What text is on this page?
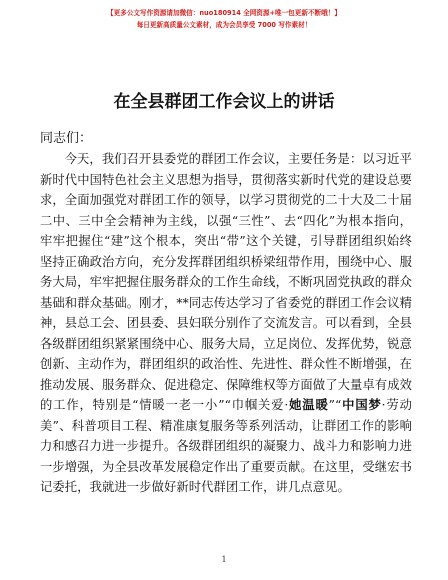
【更多公文写作资源请加微信：nuo180914 全网资源+唯一包更新不断哦！】
每日更新高质量公文素材，成为会员享受 7000 写作素材！
在全县群团工作会议上的讲话
同志们：
今天，我们召开县委党的群团工作会议，主要任务是：以习近平新时代中国特色社会主义思想为指导，贯彻落实新时代党的建设总要求，全面加强党对群团工作的领导，以学习贯彻党的二十大及二十届二中、三中全会精神为主线，以强“三性”、去“四化”为根本指向，牢牢把握住“建”这个根本，突出“带”这个关键，引导群团组织始终坚持正确政治方向，充分发挥群团组织桥梁纽带作用，围绕中心、服务大局，牢牢把握住服务群众的工作生命线，不断巩固党执政的群众基础和群众基础。刚才，**同志传达学习了省委党的群团工作会议精神，县总工会、团县委、县妇联分别作了交流发言。可以看到，全县各级群团组织紧紧围绕中心、服务大局，立足岗位、发挥优势，锐意创新、主动作为，群团组织的政治性、先进性、群众性不断增强，在推动发展、服务群众、促进稳定、保障维权等方面做了大量卓有成效的工作，特别是“情暖一老一小”“巾帼关爱·她温暖”“中国梦·劳动美”、科普项目工程、精准康复服务等系列活动，让群团工作的影响力和感召力进一步提升。各级群团组织的凝聚力、战斗力和影响力进一步增强，为全县改革发展稳定作出了重要贡献。在这里，受继宏书记委托，我就进一步做好新时代群团工作，讲几点意见。
1
